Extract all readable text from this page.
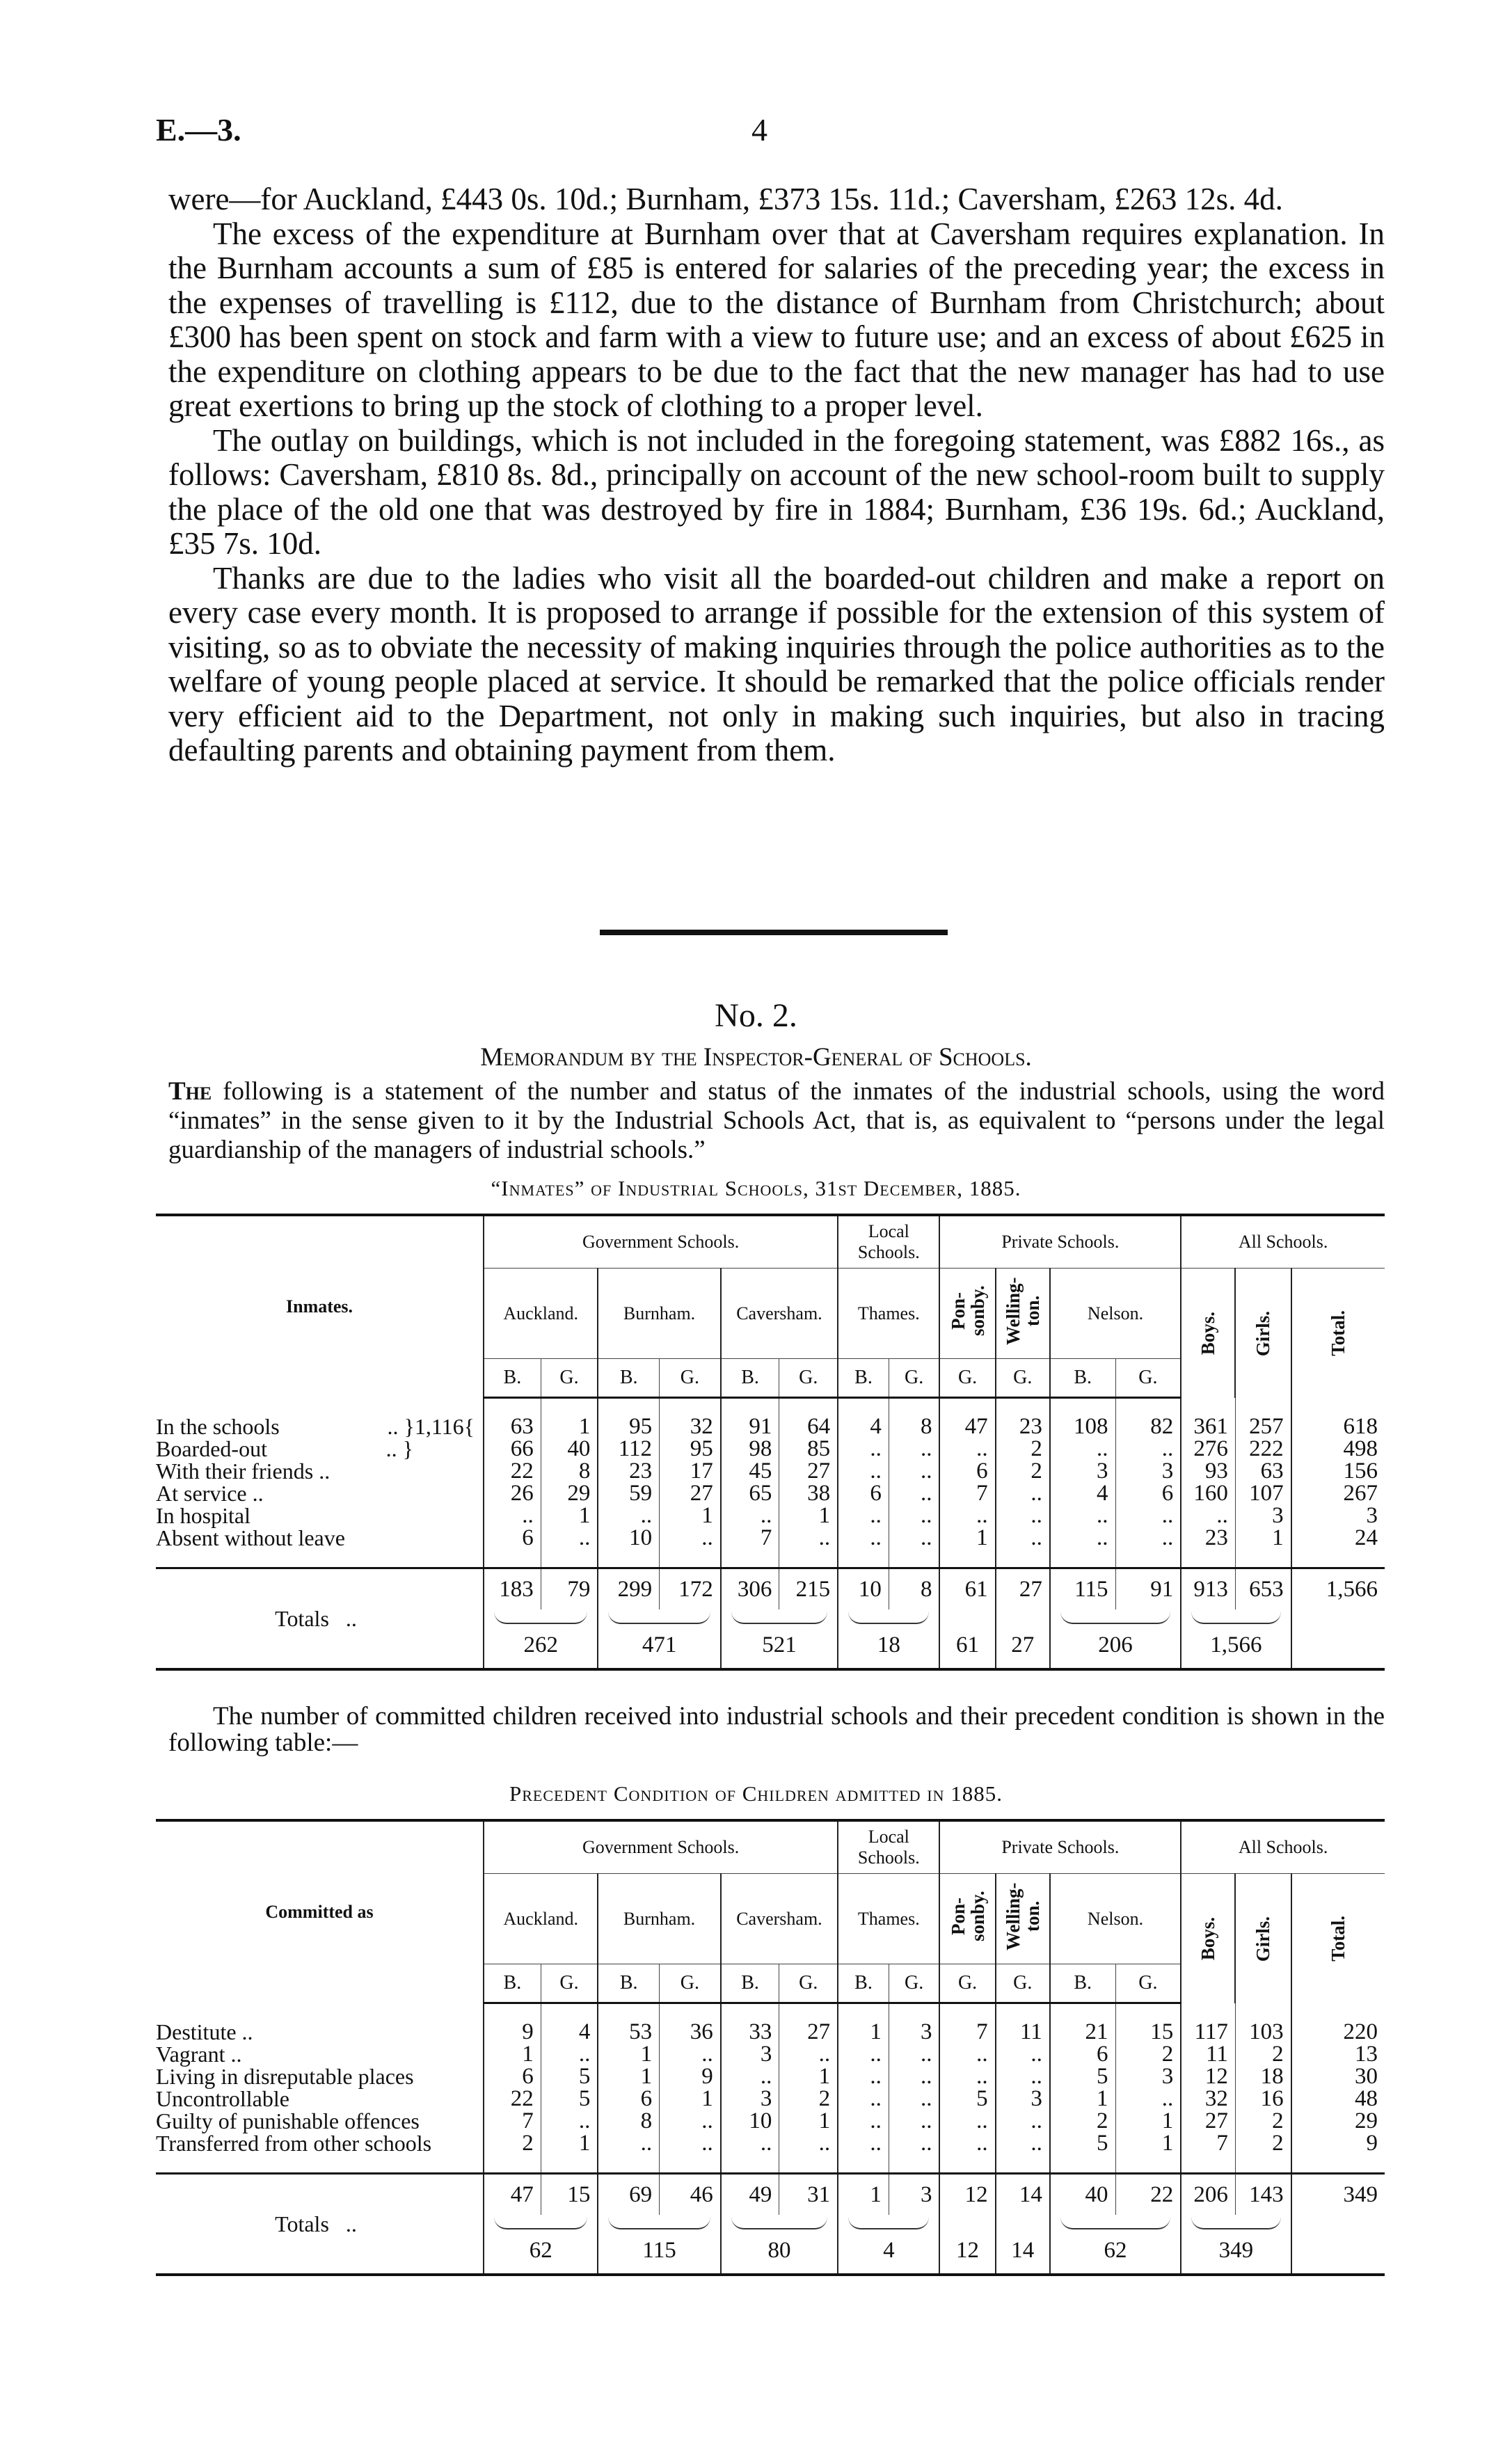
E.—3.	4

were—for Auckland, £443 0s. 10d.; Burnham, £373 15s. 11d.; Caversham, £263 12s. 4d.

The excess of the expenditure at Burnham over that at Caversham requires explanation. In the Burnham accounts a sum of £85 is entered for salaries of the preceding year; the excess in the expenses of travelling is £112, due to the distance of Burnham from Christchurch; about £300 has been spent on stock and farm with a view to future use; and an excess of about £625 in the expenditure on clothing appears to be due to the fact that the new manager has had to use great exertions to bring up the stock of clothing to a proper level.

The outlay on buildings, which is not included in the foregoing statement, was £882 16s., as follows: Caversham, £810 8s. 8d., principally on account of the new school-room built to supply the place of the old one that was destroyed by fire in 1884; Burnham, £36 19s. 6d.; Auckland, £35 7s. 10d.

Thanks are due to the ladies who visit all the boarded-out children and make a report on every case every month. It is proposed to arrange if possible for the extension of this system of visiting, so as to obviate the necessity of making inquiries through the police authorities as to the welfare of young people placed at service. It should be remarked that the police officials render very efficient aid to the Department, not only in making such inquiries, but also in tracing defaulting parents and obtaining payment from them.

No. 2.
Memorandum by the Inspector-General of Schools.
The following is a statement of the number and status of the inmates of the industrial schools, using the word “inmates” in the sense given to it by the Industrial Schools Act, that is, as equivalent to “persons under the legal guardianship of the managers of industrial schools.”
“Inmates” of Industrial Schools, 31st December, 1885.
Inmates.	Government Schools.						Local Schools.		Private Schools.				All Schools.		
	Auckland.		Burnham.		Caversham.		Thames.		Pon-sonby.	Welling-ton.	Nelson.		Boys.	Girls.	Total.
	B.	G.	B.	G.	B.	G.	B.	G.	G.	G.	B.	G.			

In the schools .. }1,116{	63	1	95	32	91	64	4	8	47	23	108	82	361	257	618
Boarded-out .. }	66	40	112	95	98	85	..	..	..	2	..	..	276	222	498
With their friends ..	22	8	23	17	45	27	..	..	6	2	3	3	93	63	156
At service ..	26	29	59	27	65	38	6	..	7	..	4	6	160	107	267
In hospital	..	1	..	1	..	1	..	..	..	..	..	..	..	3	3
Absent without leave	6	..	10	..	7	..	..	..	1	..	..	..	23	1	24

Totals   ..	183	79	299	172	306	215	10	8	61	27	115	91	913	653	1,566

262		471		521		18		61	27	206		1,566		

The number of committed children received into industrial schools and their precedent condition is shown in the following table:—

Precedent Condition of Children admitted in 1885.
Committed as	Government Schools.						Local Schools.		Private Schools.				All Schools.		
	Auckland.		Burnham.		Caversham.		Thames.		Pon-sonby.	Welling-ton.	Nelson.		Boys.	Girls.	Total.
	B.	G.	B.	G.	B.	G.	B.	G.	G.	G.	B.	G.			

Destitute ..	9	4	53	36	33	27	1	3	7	11	21	15	117	103	220
Vagrant ..	1	..	1	..	3	..	..	..	..	..	6	2	11	2	13
Living in disreputable places	6	5	1	9	..	1	..	..	..	..	5	3	12	18	30
Uncontrollable	22	5	6	1	3	2	..	..	5	3	1	..	32	16	48
Guilty of punishable offences	7	..	8	..	10	1	..	..	..	..	2	1	27	2	29
Transferred from other schools	2	1	..	..	..	..	..	..	..	..	5	1	7	2	9

Totals   ..	47	15	69	46	49	31	1	3	12	14	40	22	206	143	349

62		115		80		4		12	14	62		349		
